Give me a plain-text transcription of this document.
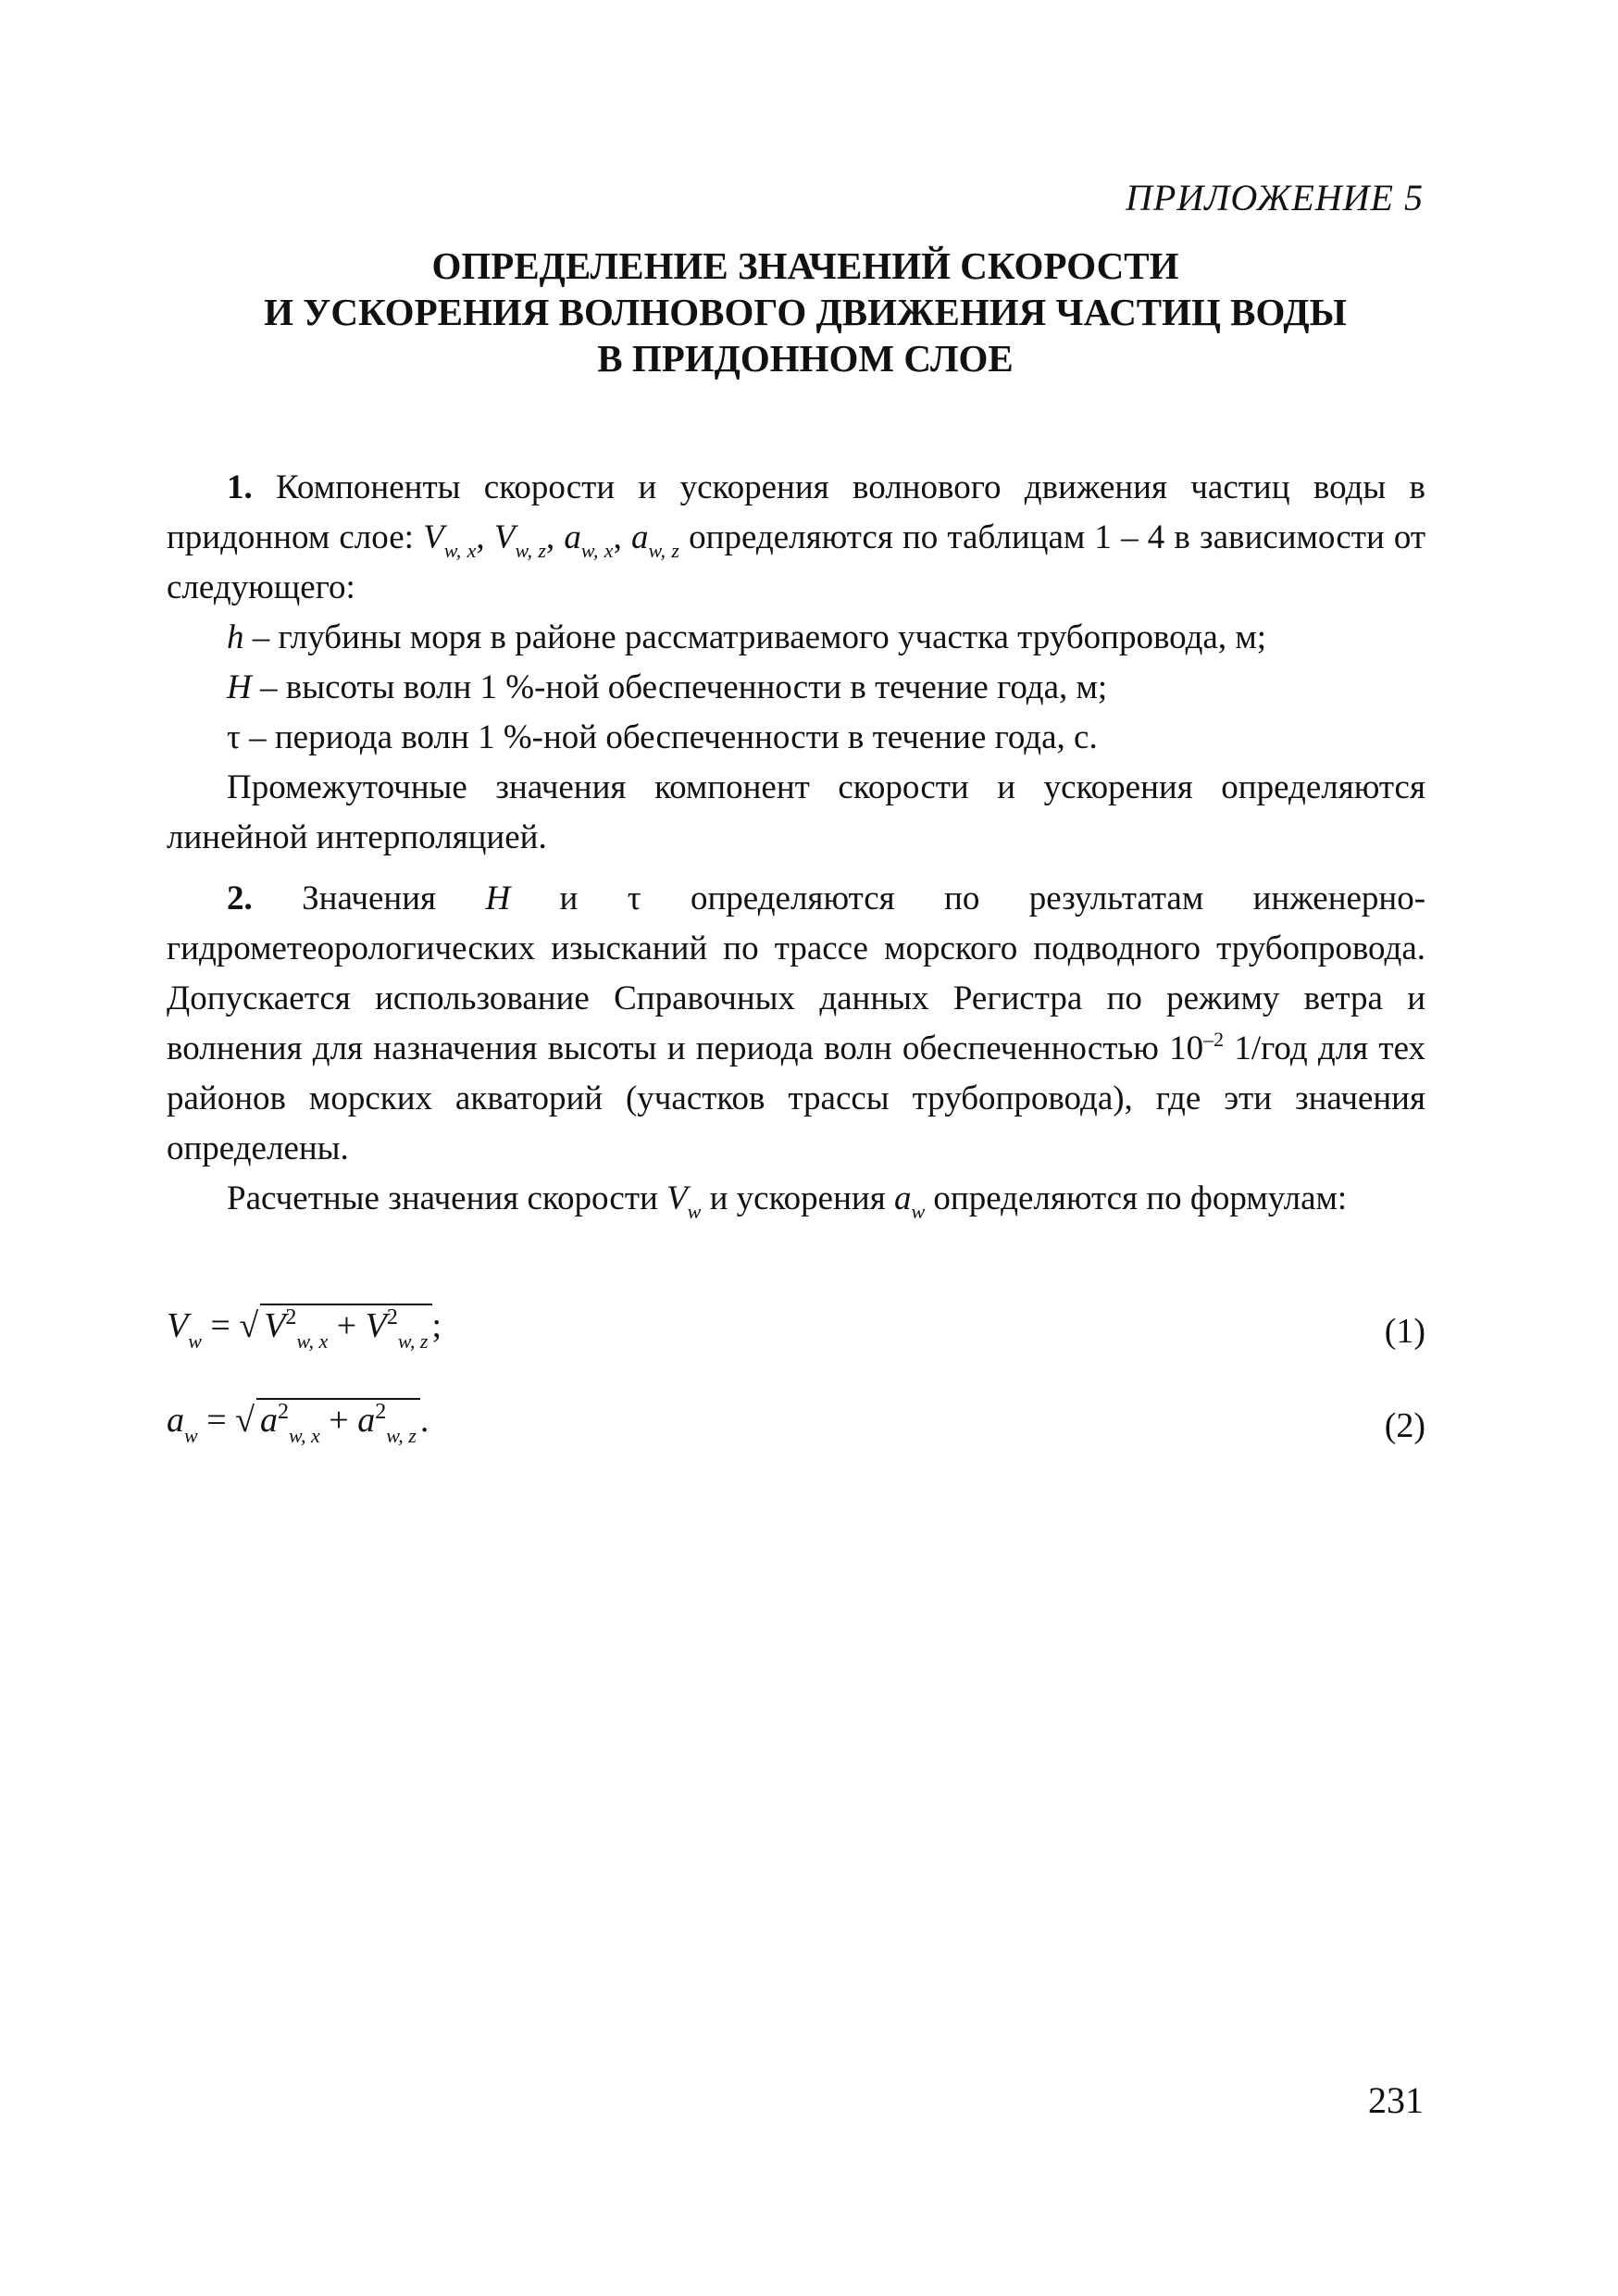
ПРИЛОЖЕНИЕ 5
ОПРЕДЕЛЕНИЕ ЗНАЧЕНИЙ СКОРОСТИ
И УСКОРЕНИЯ ВОЛНОВОГО ДВИЖЕНИЯ ЧАСТИЦ ВОДЫ
В ПРИДОННОМ СЛОЕ

1. Компоненты скорости и ускорения волнового движения частиц воды в придонном слое: $V_{w, x}$, $V_{w, z}$, $a_{w, x}$, $a_{w, z}$ определяются по таблицам 1 – 4 в зависимости от следующего:

h – глубины моря в районе рассматриваемого участка трубопровода, м;

H – высоты волн 1 %-ной обеспеченности в течение года, м;

τ – периода волн 1 %-ной обеспеченности в течение года, с.

Промежуточные значения компонент скорости и ускорения определяются линейной интерполяцией.

2. Значения H и τ определяются по результатам инженерно-гидрометеорологических изысканий по трассе морского подводного трубопровода. Допускается использование Справочных данных Регистра по режиму ветра и волнения для назначения высоты и периода волн обеспеченностью $10^{-2}$ 1/год для тех районов морских акваторий (участков трассы трубопровода), где эти значения определены.

Расчетные значения скорости $V_w$ и ускорения $a_w$ определяются по формулам:

$V_w$ = √ $V^2_{w, x} + V^2_{w, z}$ ;	(1)
$a_w$ = √ $a^2_{w, x} + a^2_{w, z}$ .	(2)
231
